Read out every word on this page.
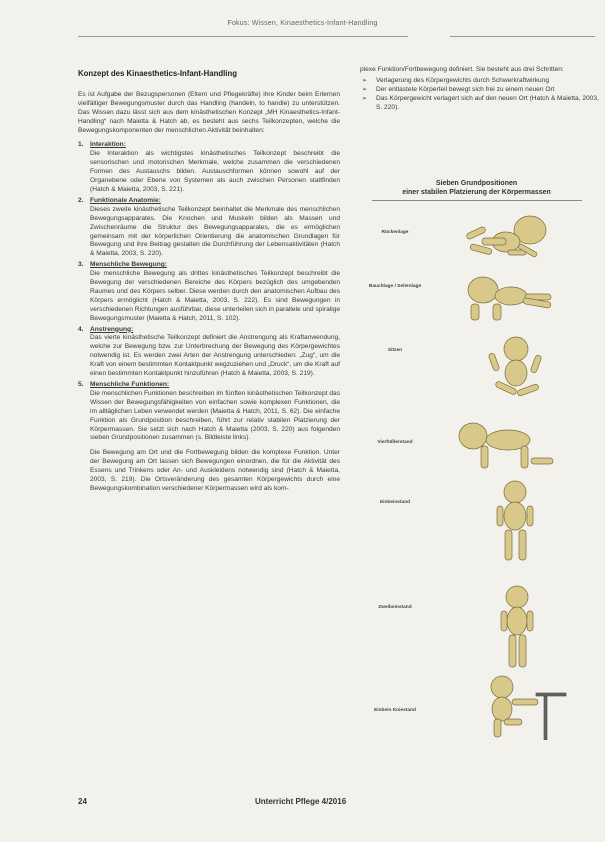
Fokus: Wissen, Kinaesthetics-Infant-Handling
Konzept des Kinaesthetics-Infant-Handling

Es ist Aufgabe der Bezugspersonen (Eltern und Pflegekräfte) ihre Kinder beim Erlernen vielfältiger Bewegungsmuster durch das Handling (handeln, to handle) zu unterstützen. Das Wissen dazu lässt sich aus dem kinästhetischen Konzept „MH Kinaesthetics-Infant-Handling“ nach Maietta & Hatch ab, es besteht aus sechs Teilkonzepten, welche die Bewegungskomponenten der menschlichen Aktivität beinhalten:

1. Interaktion:

Die Interaktion als wichtigstes kinästhetisches Teilkonzept beschreibt die sensorischen und motorischen Merkmale, welche zusammen die verschiedenen Formen des Austauschs bilden. Austauschformen können sowohl auf der Organebene oder Ebene von Systemen als auch zwischen Personen stattfinden (Hatch & Maietta, 2003, S. 221).

2. Funktionale Anatomie:

Dieses zweite kinästhetische Teilkonzept beinhaltet die Merkmale des menschlichen Bewegungsapparates. Die Knochen und Muskeln bilden als Massen und Zwischenräume die Struktur des Bewegungsapparates, die es ermöglichen gemeinsam mit der körperlichen Orientierung die anatomischen Grundlagen für Bewegung und ihre Beitrag gestalten die Durchführung der Lebensaktivitäten (Hatch & Maietta, 2003, S. 220).

3. Menschliche Bewegung:

Die menschliche Bewegung als drittes kinästhetisches Teilkonzept beschreibt die Bewegung der verschiedenen Bereiche des Körpers bezüglich des umgebenden Raumes und des Körpers selber. Diese werden durch den anatomischen Aufbau des Körpers ermöglicht (Hatch & Maietta, 2003, S. 222). Es sind Bewegungen in verschiedenen Richtungen ausführbar, diese unterteilen sich in parallele und spiralige Bewegungsmuster (Maietta & Hatch, 2011, S. 102).

4. Anstrengung:

Das vierte kinästhetische Teilkonzept definiert die Anstrengung als Kraftanwendung, welche zur Bewegung bzw. zur Unterbrechung der Bewegung des Körpergewichtes notwendig ist. Es werden zwei Arten der Anstrengung unterschieden: „Zug“, um die Kraft von einem bestimmten Kontaktpunkt wegzuziehen und „Druck“, um die Kraft auf einen bestimmten Kontaktpunkt hinzuführen (Hatch & Maietta, 2003, S. 219).

5. Menschliche Funktionen:

Die menschlichen Funktionen beschreiben im fünften kinästhetischen Teilkonzept das Wissen der Bewegungsfähigkeiten von einfachen sowie komplexen Funktionen, die im alltäglichen Leben verwendet werden (Maietta & Hatch, 2011, S. 62). Die einfache Funktion als Grundposition beschreiben, führt zur relativ stabilen Platzierung der Körpermassen. Sie setzt sich nach Hatch & Maietta (2003, S. 220) aus folgenden sieben Grundpositionen zusammen (s. Bildleiste links).

Die Bewegung am Ort und die Fortbewegung bilden die komplexe Funktion. Unter der Bewegung am Ort lassen sich Bewegungen einordnen, die für die Aktivität des Essens und Trinkens oder An- und Auskleidens notwendig sind (Hatch & Maietta, 2003, S. 219). Die Ortsveränderung des gesamten Körpergewichts durch eine Bewegungskombination verschiedener Körpermassen wird als kom-

plexe Funktion/Fortbewegung definiert. Sie besteht aus drei Schritten:

➢ Verlagerung des Körpergewichts durch Schwerkraftwirkung
➢ Der entlastete Körperteil bewegt sich frei zu einem neuen Ort
➢ Das Körpergewicht verlagert sich auf den neuen Ort (Hatch & Maietta, 2003, S. 220).
Sieben Grundpositionen
einer stabilen Platzierung der Körpermassen
Rückenlage
Bauchlage / Seitenlage
Sitzen
Vierfüßlerstand
Einbeinstand
Zweibeinstand
Einbein Kniestand
24	Unterricht Pflege 4/2016
